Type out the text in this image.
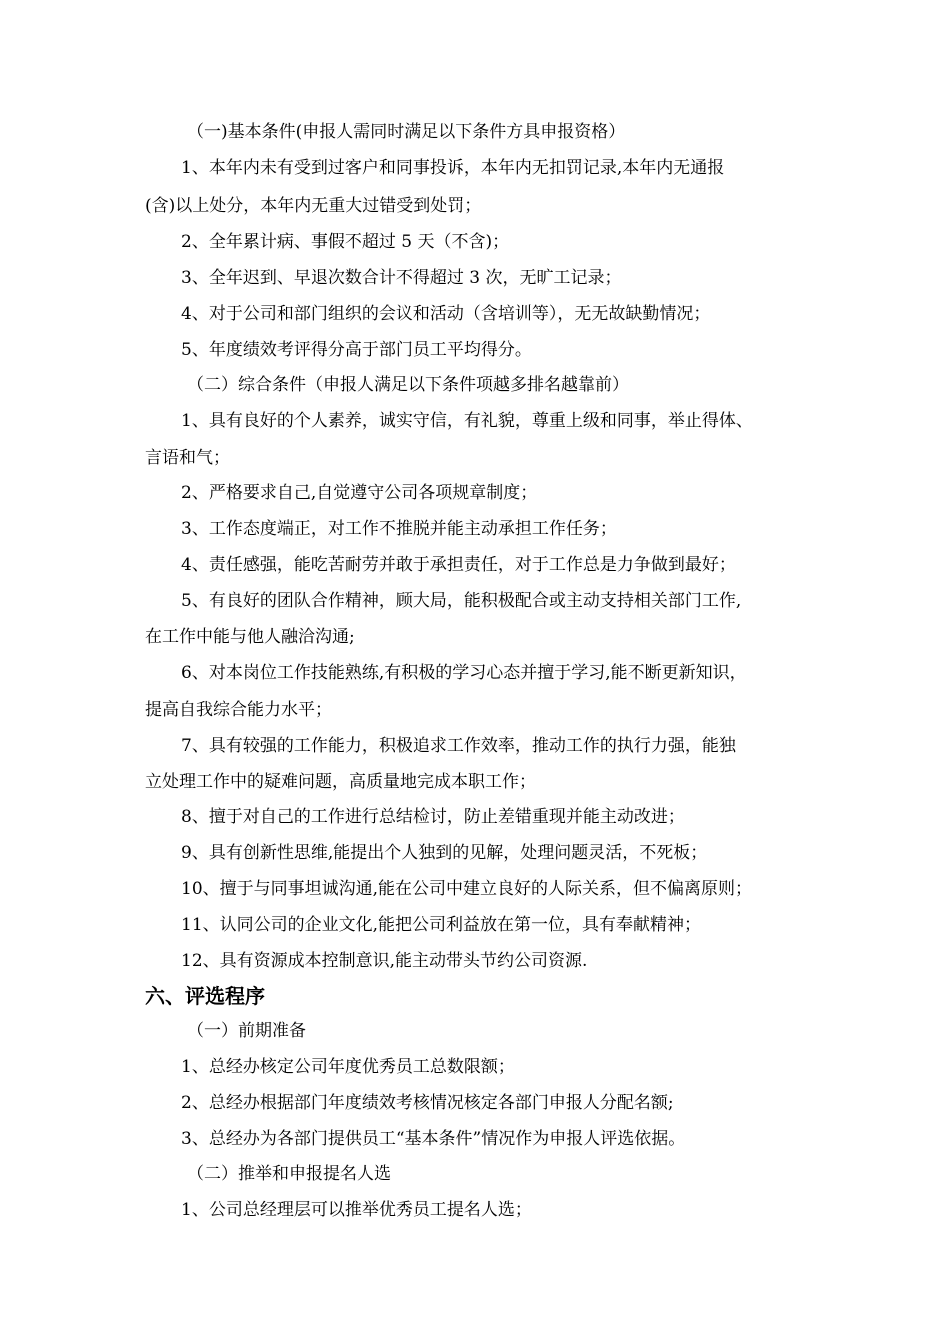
（一)基本条件(申报人需同时满足以下条件方具申报资格）
1、本年内未有受到过客户和同事投诉，本年内无扣罚记录,本年内无通报
(含)以上处分，本年内无重大过错受到处罚；
2、全年累计病、事假不超过 5 天（不含)；
3、全年迟到、早退次数合计不得超过 3 次，无旷工记录；
4、对于公司和部门组织的会议和活动（含培训等），无无故缺勤情况；
5、年度绩效考评得分高于部门员工平均得分。
（二）综合条件（申报人满足以下条件项越多排名越靠前）
1、具有良好的个人素养，诚实守信，有礼貌，尊重上级和同事，举止得体、
言语和气；
2、严格要求自己,自觉遵守公司各项规章制度；
3、工作态度端正，对工作不推脱并能主动承担工作任务；
4、责任感强，能吃苦耐劳并敢于承担责任，对于工作总是力争做到最好；
5、有良好的团队合作精神，顾大局，能积极配合或主动支持相关部门工作,
在工作中能与他人融洽沟通;
6、对本岗位工作技能熟练,有积极的学习心态并擅于学习,能不断更新知识，
提高自我综合能力水平；
7、具有较强的工作能力，积极追求工作效率，推动工作的执行力强，能独
立处理工作中的疑难问题，高质量地完成本职工作；
8、擅于对自己的工作进行总结检讨，防止差错重现并能主动改进；
9、具有创新性思维,能提出个人独到的见解，处理问题灵活，不死板；
10、擅于与同事坦诚沟通,能在公司中建立良好的人际关系，但不偏离原则；
11、认同公司的企业文化,能把公司利益放在第一位，具有奉献精神；
12、具有资源成本控制意识,能主动带头节约公司资源.
六、评选程序
（一）前期准备
1、总经办核定公司年度优秀员工总数限额；
2、总经办根据部门年度绩效考核情况核定各部门申报人分配名额;
3、总经办为各部门提供员工“基本条件”情况作为申报人评选依据。
（二）推举和申报提名人选
1、公司总经理层可以推举优秀员工提名人选；
